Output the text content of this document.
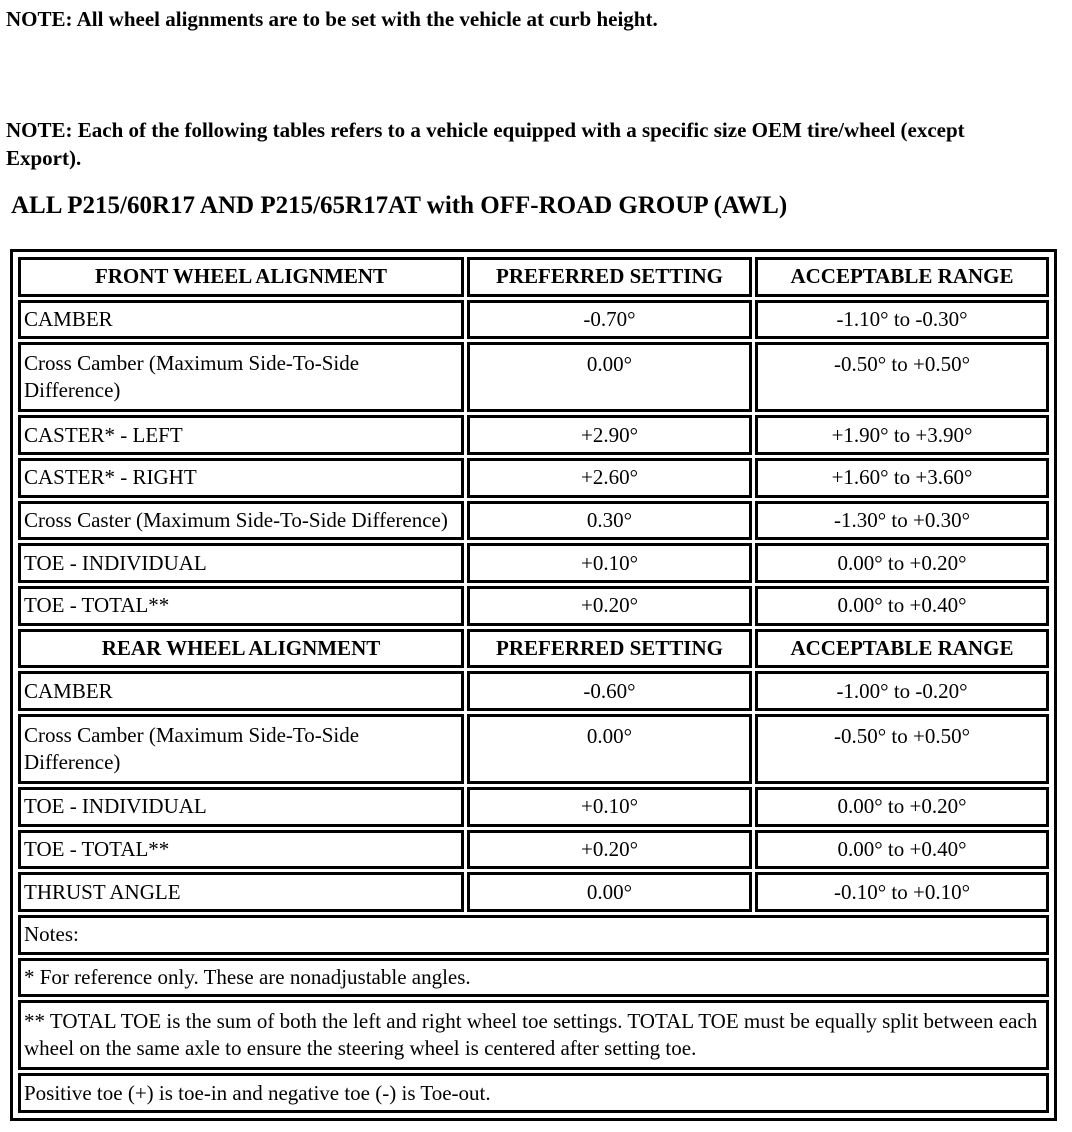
NOTE: All wheel alignments are to be set with the vehicle at curb height.

NOTE: Each of the following tables refers to a vehicle equipped with a specific size OEM tire/wheel (except Export).

ALL P215/60R17 AND P215/65R17AT with OFF-ROAD GROUP (AWL)
FRONT WHEEL ALIGNMENT	PREFERRED SETTING	ACCEPTABLE RANGE
CAMBER	-0.70°	-1.10° to -0.30°
Cross Camber (Maximum Side-To-Side Difference)	0.00°	-0.50° to +0.50°
CASTER* - LEFT	+2.90°	+1.90° to +3.90°
CASTER* - RIGHT	+2.60°	+1.60° to +3.60°
Cross Caster (Maximum Side-To-Side Difference)	0.30°	-1.30° to +0.30°
TOE - INDIVIDUAL	+0.10°	0.00° to +0.20°
TOE - TOTAL**	+0.20°	0.00° to +0.40°
REAR WHEEL ALIGNMENT	PREFERRED SETTING	ACCEPTABLE RANGE
CAMBER	-0.60°	-1.00° to -0.20°
Cross Camber (Maximum Side-To-Side Difference)	0.00°	-0.50° to +0.50°
TOE - INDIVIDUAL	+0.10°	0.00° to +0.20°
TOE - TOTAL**	+0.20°	0.00° to +0.40°
THRUST ANGLE	0.00°	-0.10° to +0.10°
Notes:		
* For reference only. These are nonadjustable angles.		
** TOTAL TOE is the sum of both the left and right wheel toe settings. TOTAL TOE must be equally split between each wheel on the same axle to ensure the steering wheel is centered after setting toe.		
Positive toe (+) is toe-in and negative toe (-) is Toe-out.		
